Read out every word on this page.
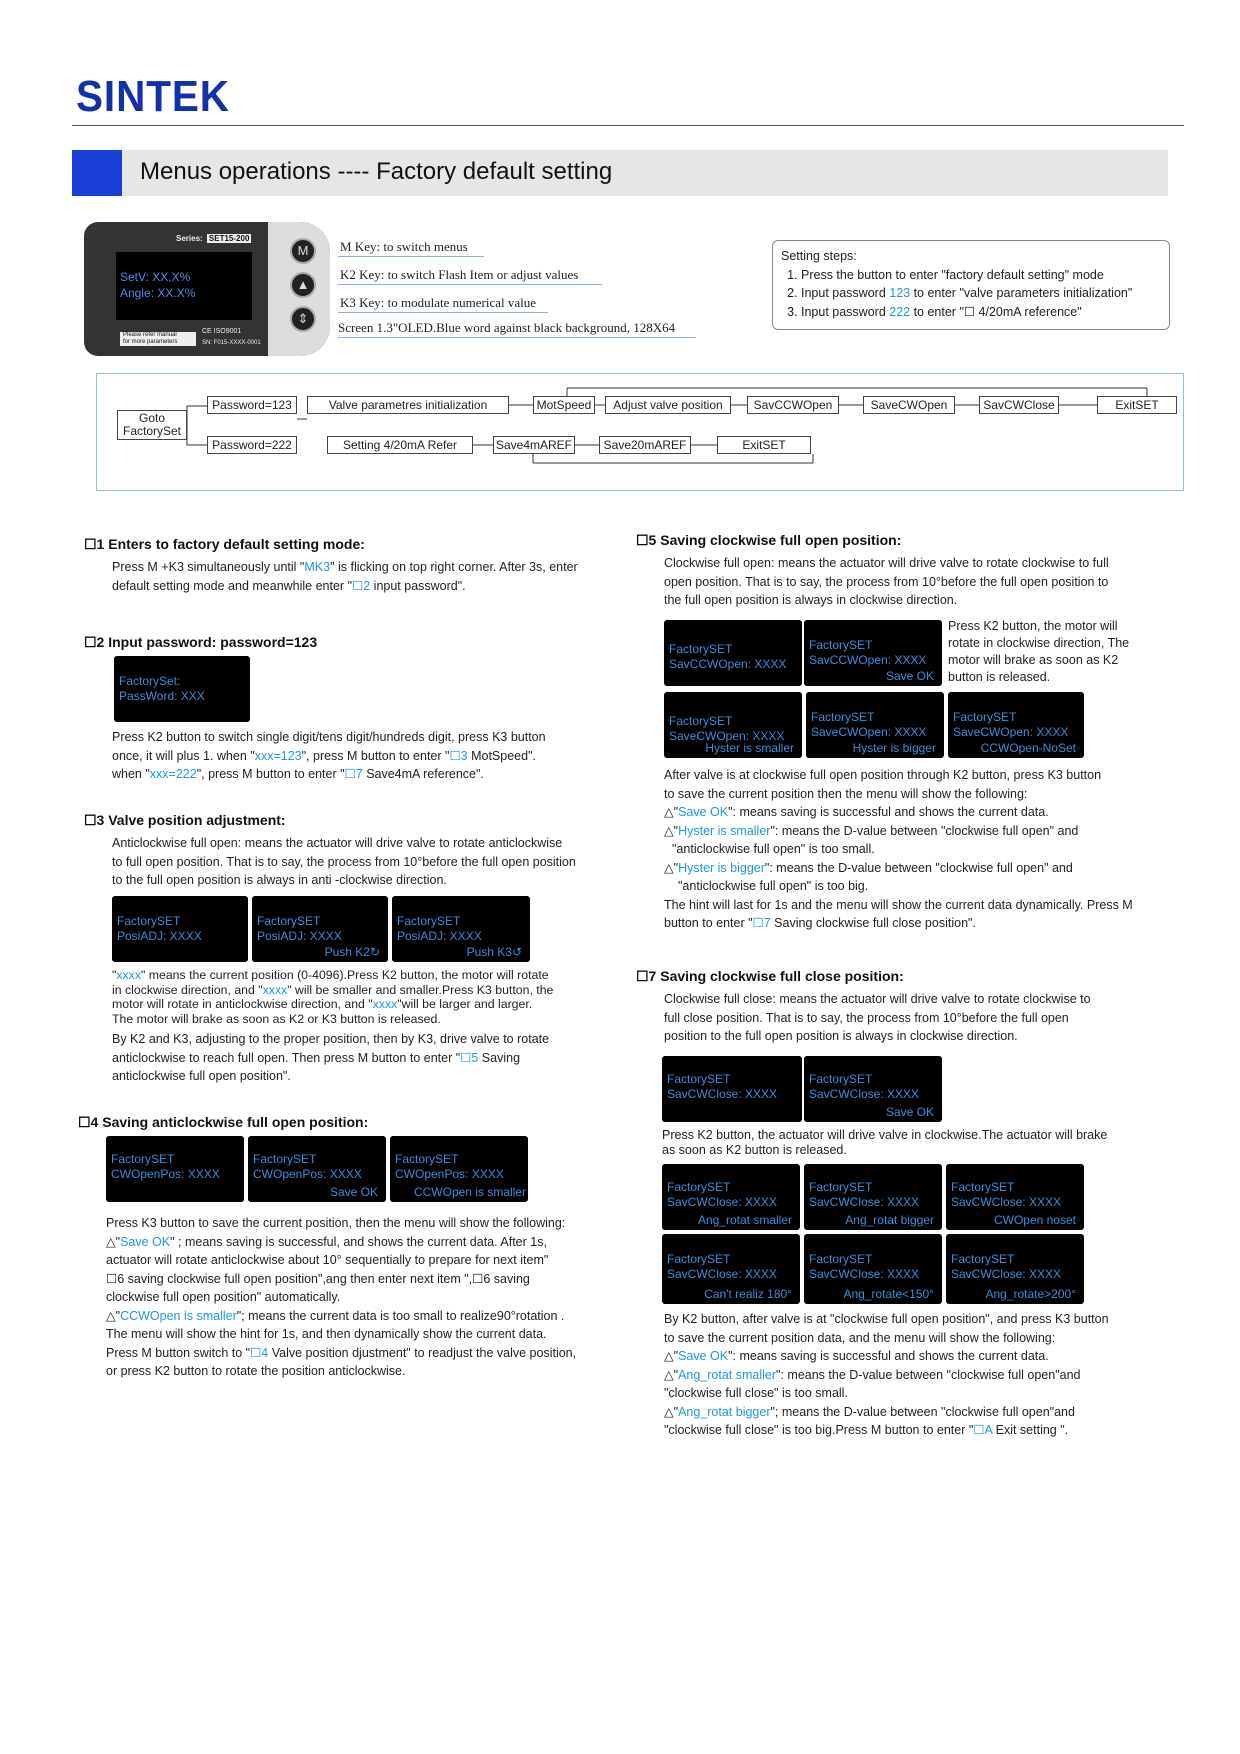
SINTEK
Menus operations ---- Factory default setting
Series: SET15-200
SetV: XX.X%
Angle: XX.X%
Please refer manual
for more parameters
CE ISO9001
SN: F015-XXXX-0001
M
▲
⇕
M Key: to switch menus
K2 Key: to switch Flash Item or adjust values
K3 Key: to modulate numerical value
Screen 1.3"OLED.Blue word against black background, 128X64
Setting steps:
1. Press the button to enter "factory default setting" mode
2. Input password 123 to enter "valve parameters initialization"
3. Input password 222 to enter "☐ 4/20mA reference"
Goto
FactorySet
Password=123	Valve parametres initialization	MotSpeed	Adjust valve position	SavCCWOpen	SaveCWOpen	SavCWClose	ExitSET
Password=222	Setting 4/20mA Refer	Save4mAREF	Save20mAREF	ExitSET
☐1 Enters to factory default setting mode:
Press M +K3 simultaneously until "MK3" is flicking on top right corner. After 3s, enter
default setting mode and meanwhile enter "☐2 input password".
☐2 Input password: password=123
FactorySet:
PassWord: XXX
Press K2 button to switch single digit/tens digit/hundreds digit, press K3 button
once, it will plus 1. when "xxx=123", press M button to enter "☐3 MotSpeed".
when "xxx=222", press M button to enter "☐7 Save4mA reference".
☐3 Valve position adjustment:
Anticlockwise full open: means the actuator will drive valve to rotate anticlockwise
to full open position. That is to say, the process from 10°before the full open position
to the full open position is always in anti -clockwise direction.
FactorySET
PosiADJ: XXXX
FactorySET
PosiADJ: XXXX
Push K2↻
FactorySET
PosiADJ: XXXX
Push K3↺
"xxxx" means the current position (0-4096).Press K2 button, the motor will rotate
in clockwise direction, and "xxxx" will be smaller and smaller.Press K3 button, the
motor will rotate in anticlockwise direction, and "xxxx"will be larger and larger.
The motor will brake as soon as K2 or K3 button is released.
By K2 and K3, adjusting to the proper position, then by K3, drive valve to rotate
anticlockwise to reach full open. Then press M button to enter "☐5 Saving
anticlockwise full open position".
☐4 Saving anticlockwise full open position:
FactorySET
CWOpenPos: XXXX
FactorySET
CWOpenPos: XXXX
Save OK
FactorySET
CWOpenPos: XXXX
CCWOpen is smaller
Press K3 button to save the current position, then the menu will show the following:
△"Save OK" ; means saving is successful, and shows the current data. After 1s,
actuator will rotate anticlockwise about 10° sequentially to prepare for next item"
☐6 saving clockwise full open position",ang then enter next item ",☐6 saving
clockwise full open position" automatically.
△"CCWOpen is smaller"; means the current data is too small to realize90°rotation .
The menu will show the hint for 1s, and then dynamically show the current data.
Press M button switch to "☐4 Valve position djustment" to readjust the valve position,
or press K2 button to rotate the position anticlockwise.
☐5 Saving clockwise full open position:
Clockwise full open: means the actuator will drive valve to rotate clockwise to full
open position. That is to say, the process from 10°before the full open position to
the full open position is always in clockwise direction.
FactorySET
SavCCWOpen: XXXX
FactorySET
SavCCWOpen: XXXX
Save OK
Press K2 button, the motor will
rotate in clockwise direction, The
motor will brake as soon as K2
button is released.
FactorySET
SaveCWOpen: XXXX
Hyster is smaller
FactorySET
SaveCWOpen: XXXX
Hyster is bigger
FactorySET
SaveCWOpen: XXXX
CCWOpen-NoSet
After valve is at clockwise full open position through K2 button, press K3 button
to save the current position then the menu will show the following:
△"Save OK": means saving is successful and shows the current data.
△"Hyster is smaller": means the D-value between "clockwise full open" and
"anticlockwise full open" is too small.
△"Hyster is bigger": means the D-value between "clockwise full open" and
"anticlockwise full open" is too big.
The hint will last for 1s and the menu will show the current data dynamically. Press M
button to enter "☐7 Saving clockwise full close position".
☐7 Saving clockwise full close position:
Clockwise full close: means the actuator will drive valve to rotate clockwise to
full close position. That is to say, the process from 10°before the full open
position to the full open position is always in clockwise direction.
FactorySET
SavCWClose: XXXX
FactorySET
SavCWClose: XXXX
Save OK
Press K2 button, the actuator will drive valve in clockwise.The actuator will brake
as soon as K2 button is released.
FactorySET
SavCWClose: XXXX
Ang_rotat smaller
FactorySET
SavCWClose: XXXX
Ang_rotat bigger
FactorySET
SavCWClose: XXXX
CWOpen noset
FactorySET
SavCWClose: XXXX
Can't realiz 180°
FactorySET
SavCWClose: XXXX
Ang_rotate<150°
FactorySET
SavCWClose: XXXX
Ang_rotate>200°
By K2 button, after valve is at "clockwise full open position", and press K3 button
to save the current position data, and the menu will show the following:
△"Save OK": means saving is successful and shows the current data.
△"Ang_rotat smaller": means the D-value between "clockwise full open"and
"clockwise full close" is too small.
△"Ang_rotat bigger"; means the D-value between "clockwise full open"and
"clockwise full close" is too big.Press M button to enter "☐A Exit setting ".
